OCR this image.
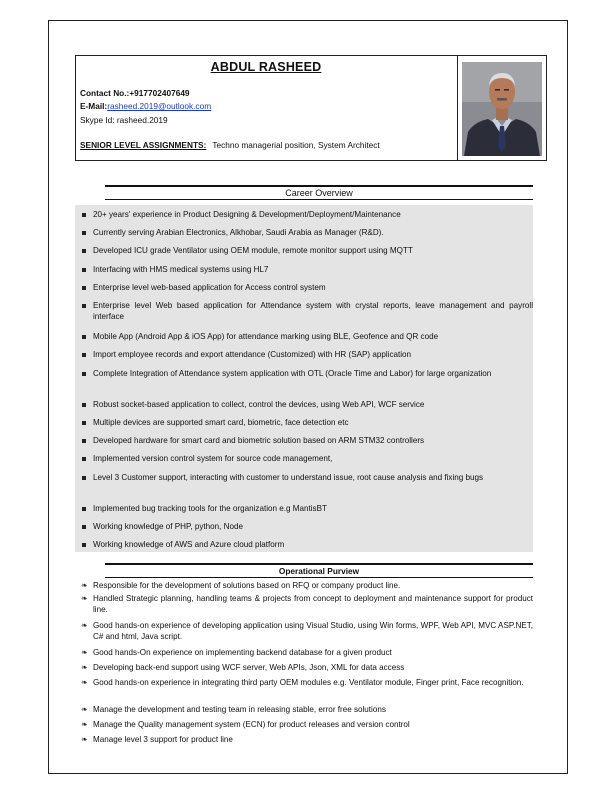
ABDUL RASHEED
Contact No.:+917702407649
E-Mail:rasheed.2019@outlook.com
Skype Id: rasheed.2019
SENIOR LEVEL ASSIGNMENTS: Techno managerial position, System Architect
Career Overview
20+ years' experience in Product Designing & Development/Deployment/Maintenance
Currently serving Arabian Electronics, Alkhobar, Saudi Arabia as Manager (R&D).
Developed ICU grade Ventilator using OEM module, remote monitor support using MQTT
Interfacing with HMS medical systems using HL7
Enterprise level web-based application for Access control system
Enterprise level Web based application for Attendance system with crystal reports, leave management and payroll interface
Mobile App (Android App & iOS App) for attendance marking using BLE, Geofence and QR code
Import employee records and export attendance (Customized) with HR (SAP) application
Complete Integration of Attendance system application with OTL (Oracle Time and Labor) for large organization
Robust socket-based application to collect, control the devices, using Web API, WCF service
Multiple devices are supported smart card, biometric, face detection etc
Developed hardware for smart card and biometric solution based on ARM STM32 controllers
Implemented version control system for source code management,
Level 3 Customer support, interacting with customer to understand issue, root cause analysis and fixing bugs
Implemented bug tracking tools for the organization e.g MantisBT
Working knowledge of PHP, python, Node
Working knowledge of AWS and Azure cloud platform
Operational Purview
❧ Responsible for the development of solutions based on RFQ or company product line.
❧ Handled Strategic planning, handling teams & projects from concept to deployment and maintenance support for product line.
❧ Good hands-on experience of developing application using Visual Studio, using Win forms, WPF, Web API, MVC ASP.NET, C# and html, Java script.
❧ Good hands-On experience on implementing backend database for a given product
❧ Developing back-end support using WCF server, Web APIs, Json, XML for data access
❧ Good hands-on experience in integrating third party OEM modules e.g. Ventilator module, Finger print, Face recognition.
❧ Manage the development and testing team in releasing stable, error free solutions
❧ Manage the Quality management system (ECN) for product releases and version control
❧ Manage level 3 support for product line
